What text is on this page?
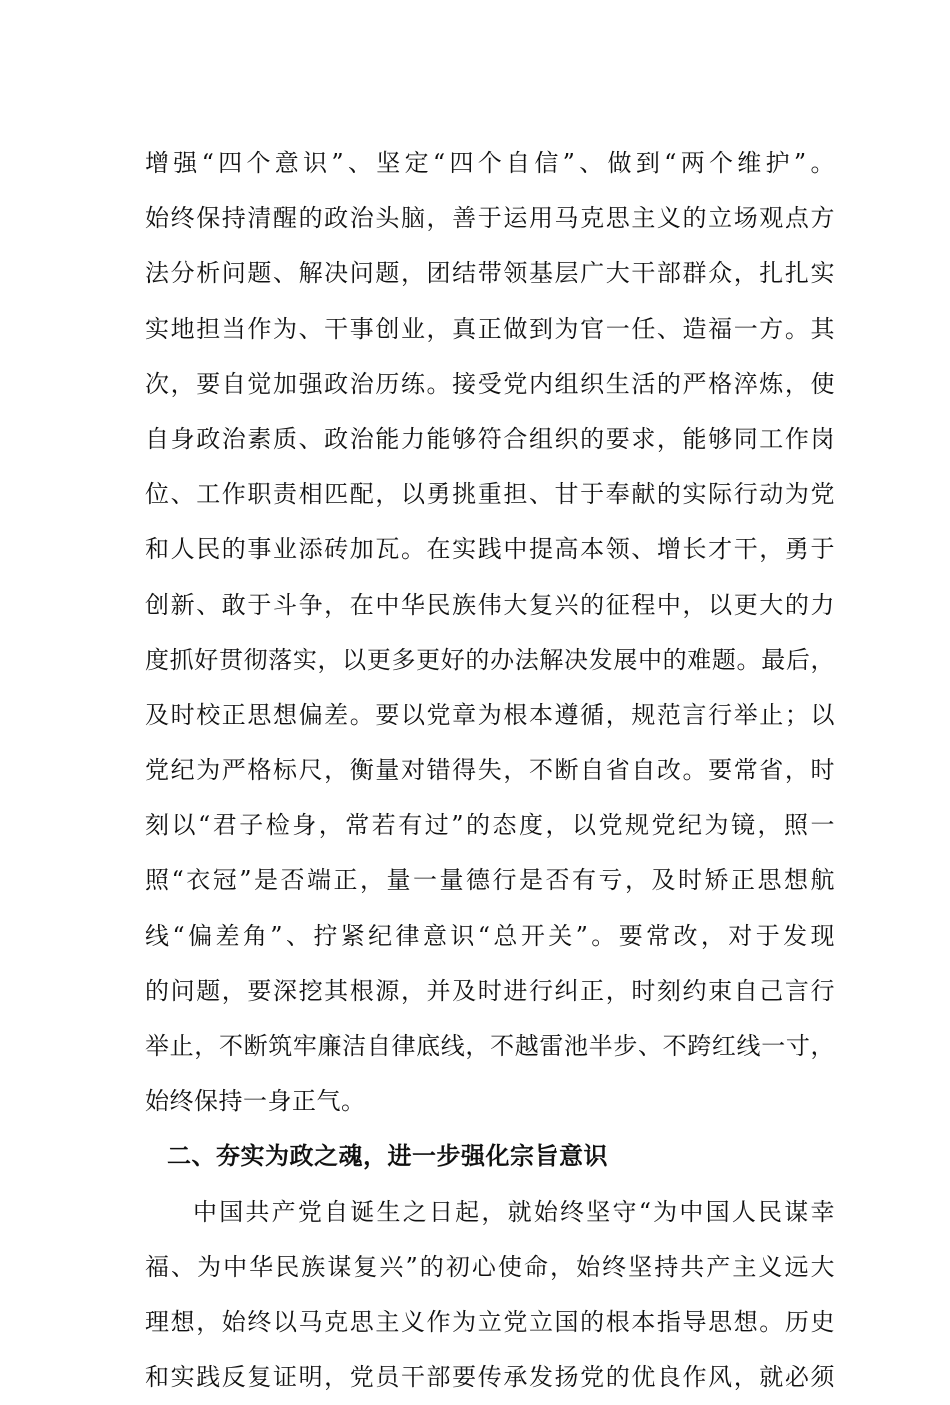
增强“四个意识”、坚定“四个自信”、做到“两个维护”。
始终保持清醒的政治头脑，善于运用马克思主义的立场观点方
法分析问题、解决问题，团结带领基层广大干部群众，扎扎实
实地担当作为、干事创业，真正做到为官一任、造福一方。其
次，要自觉加强政治历练。接受党内组织生活的严格淬炼，使
自身政治素质、政治能力能够符合组织的要求，能够同工作岗
位、工作职责相匹配，以勇挑重担、甘于奉献的实际行动为党
和人民的事业添砖加瓦。在实践中提高本领、增长才干，勇于
创新、敢于斗争，在中华民族伟大复兴的征程中，以更大的力
度抓好贯彻落实，以更多更好的办法解决发展中的难题。最后，
及时校正思想偏差。要以党章为根本遵循，规范言行举止；以
党纪为严格标尺，衡量对错得失，不断自省自改。要常省，时
刻以“君子检身，常若有过”的态度，以党规党纪为镜，照一
照“衣冠”是否端正，量一量德行是否有亏，及时矫正思想航
线“偏差角”、拧紧纪律意识“总开关”。要常改，对于发现
的问题，要深挖其根源，并及时进行纠正，时刻约束自己言行
举止，不断筑牢廉洁自律底线，不越雷池半步、不跨红线一寸，
始终保持一身正气。
二、夯实为政之魂，进一步强化宗旨意识
中国共产党自诞生之日起，就始终坚守“为中国人民谋幸
福、为中华民族谋复兴”的初心使命，始终坚持共产主义远大
理想，始终以马克思主义作为立党立国的根本指导思想。历史
和实践反复证明，党员干部要传承发扬党的优良作风，就必须
